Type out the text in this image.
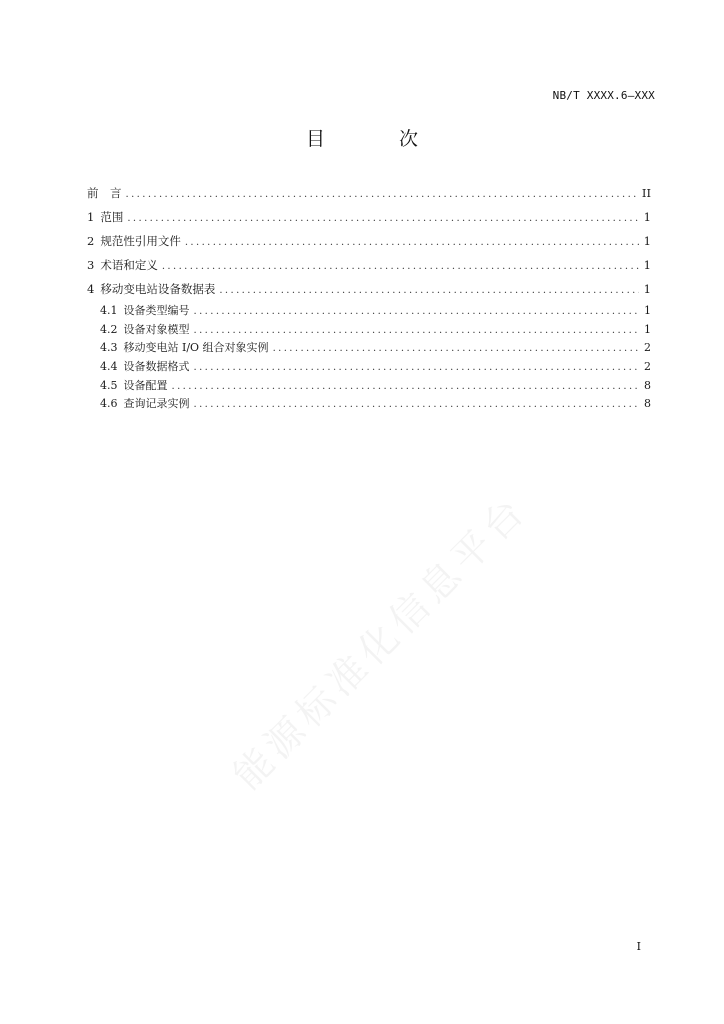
NB/T XXXX.6—XXX
目 次
前　言 .....	II
1 范围 .....	1
2 规范性引用文件 .....	1
3 术语和定义 .....	1
4 移动变电站设备数据表 .....	1
4.1 设备类型编号 .....	1
4.2 设备对象模型 .....	1
4.3 移动变电站 I/O 组合对象实例 .....	2
4.4 设备数据格式 .....	2
4.5 设备配置 .....	8
4.6 查询记录实例 .....	8
能源标准化信息平台
I
